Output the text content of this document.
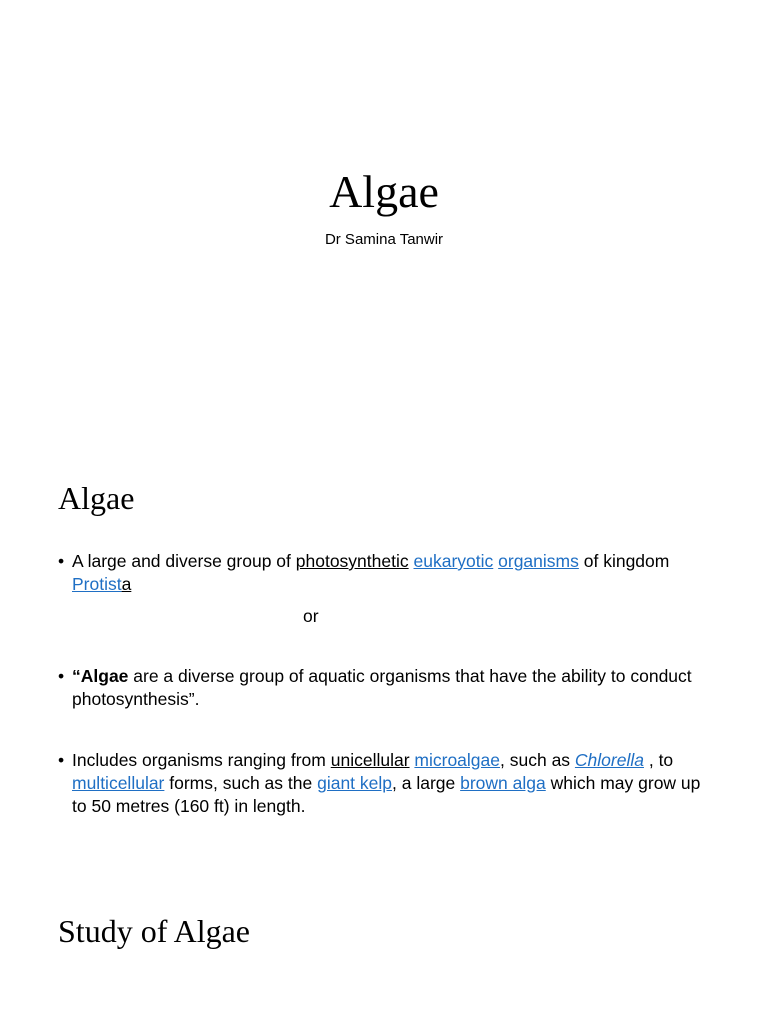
Algae
Dr Samina Tanwir
Algae
• A large and diverse group of photosynthetic eukaryotic organisms of kingdom Protista
or
• “Algae are a diverse group of aquatic organisms that have the ability to conduct photosynthesis”.
• Includes organisms ranging from unicellular microalgae, such as Chlorella , to multicellular forms, such as the giant kelp, a large brown alga which may grow up to 50 metres (160 ft) in length.
Study of Algae
